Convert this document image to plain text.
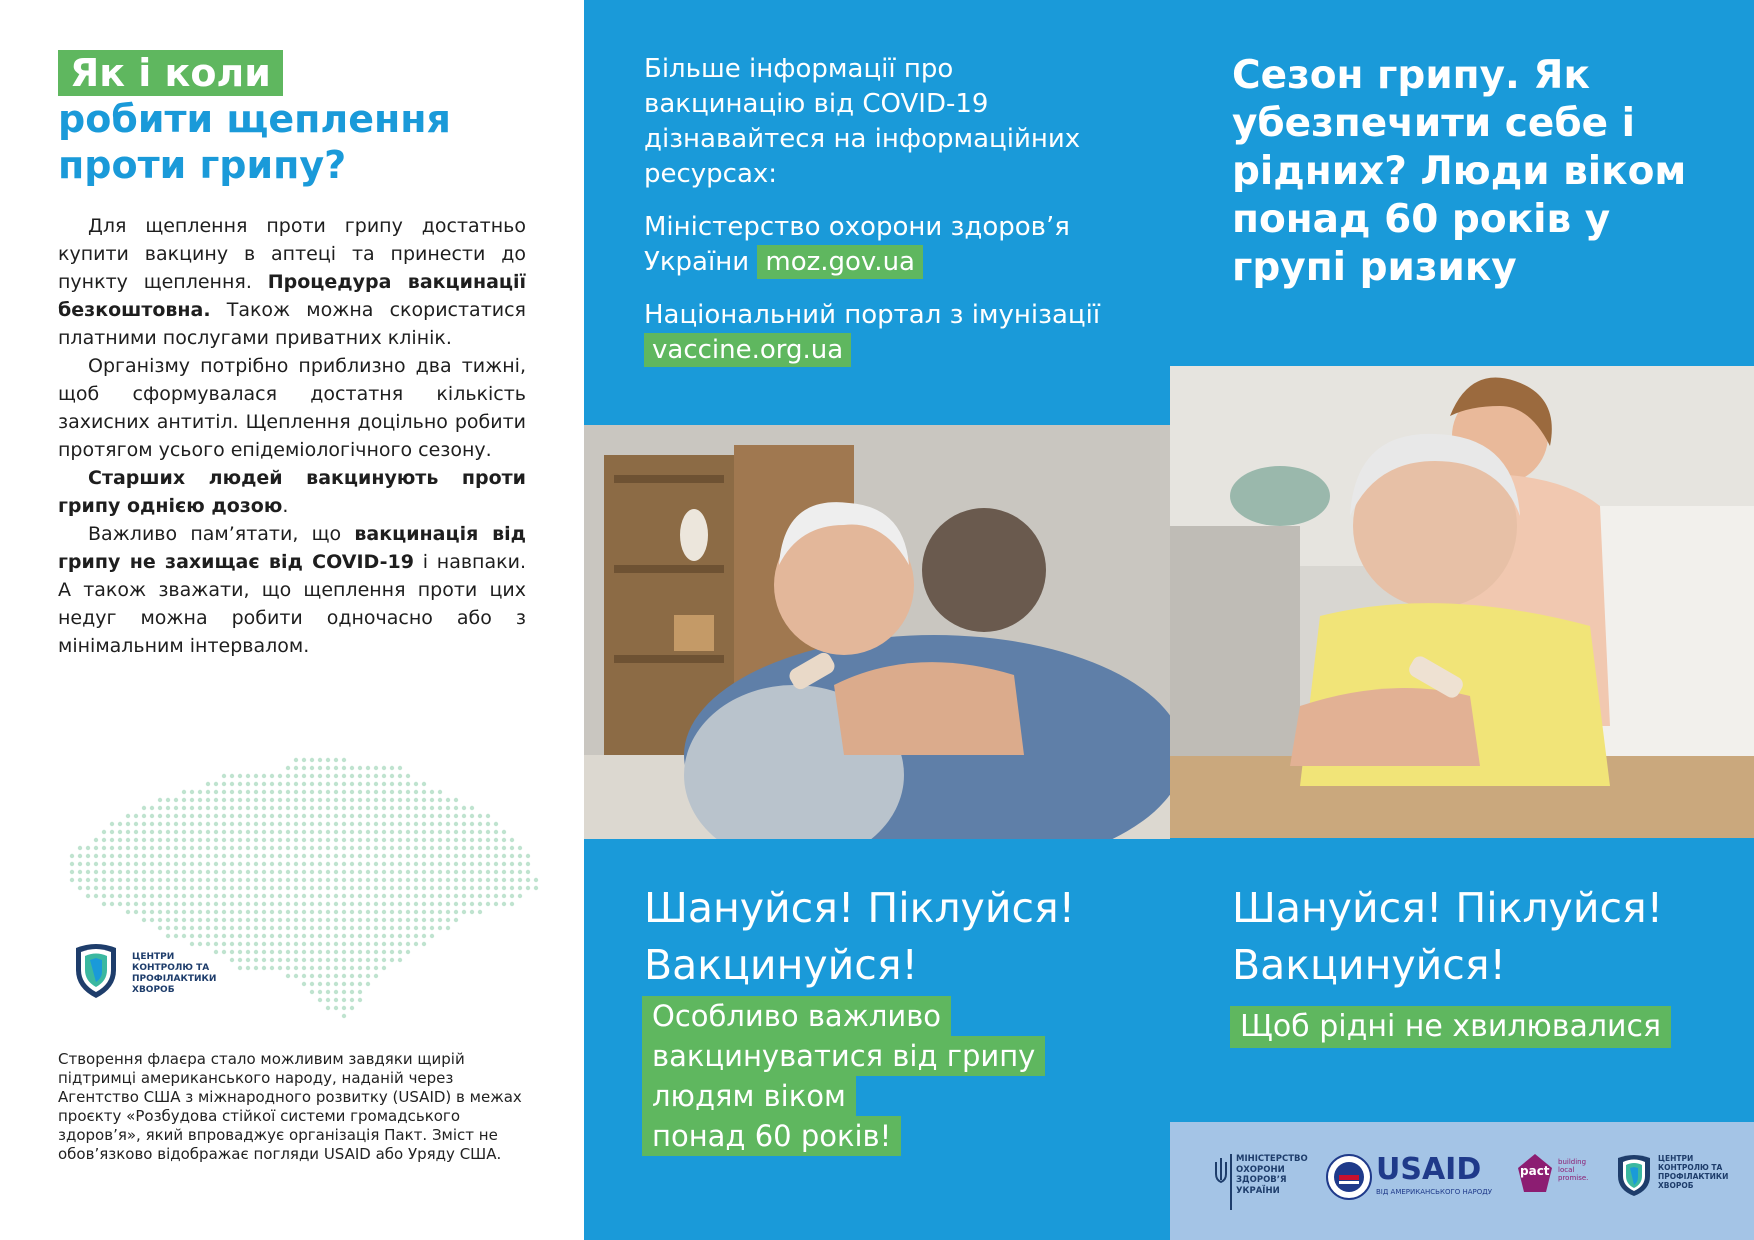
Як і коли
робити щеплення
проти грипу?

Для щеплення проти грипу достатньо купити вакцину в аптеці та принести до пункту щеплення. Процедура вакцинації безкоштовна. Також можна скористатися платними послугами приватних клінік.

Організму потрібно приблизно два тижні, щоб сформувалася достатня кількість захисних антитіл. Щеплення доцільно робити протягом усього епідеміологічного сезону.

Старших людей вакцинують проти грипу однією дозою.

Важливо пам’ятати, що вакцинація від грипу не захищає від COVID-19 і навпаки. А також зважати, що щеплення проти цих недуг можна робити одночасно або з мінімальним інтервалом.

ЦЕНТРИ
КОНТРОЛЮ ТА
ПРОФІЛАКТИКИ
ХВОРОБ
Створення флаєра стало можливим завдяки щирій підтримці американського народу, наданій через Агентство США з міжнародного розвитку (USAID) в межах проєкту «Розбудова стійкої системи громадського здоров’я», який впроваджує організація Пакт. Зміст не обов’язково відображає погляди USAID або Уряду США.
Більше інформації про вакцинацію від COVID-19 дізнавайтеся на інформаційних ресурсах:
Міністерство охорони здоров’я України moz.gov.ua
Національний портал з імунізації vaccine.org.ua
Шануйся! Піклуйся!
Вакцинуйся!
Особливо важливо
вакцинуватися від грипу
людям віком
понад 60 років!
Сезон грипу. Як убезпечити себе і рідних? Люди віком понад 60 років у групі ризику
Шануйся! Піклуйся!
Вакцинуйся!
Щоб рідні не хвилювалися
МІНІСТЕРСТВО
ОХОРОНИ
ЗДОРОВ’Я
УКРАЇНИ
USAID
ВІД АМЕРИКАНСЬКОГО НАРОДУ
pact
building
local
promise.
ЦЕНТРИ
КОНТРОЛЮ ТА
ПРОФІЛАКТИКИ
ХВОРОБ
